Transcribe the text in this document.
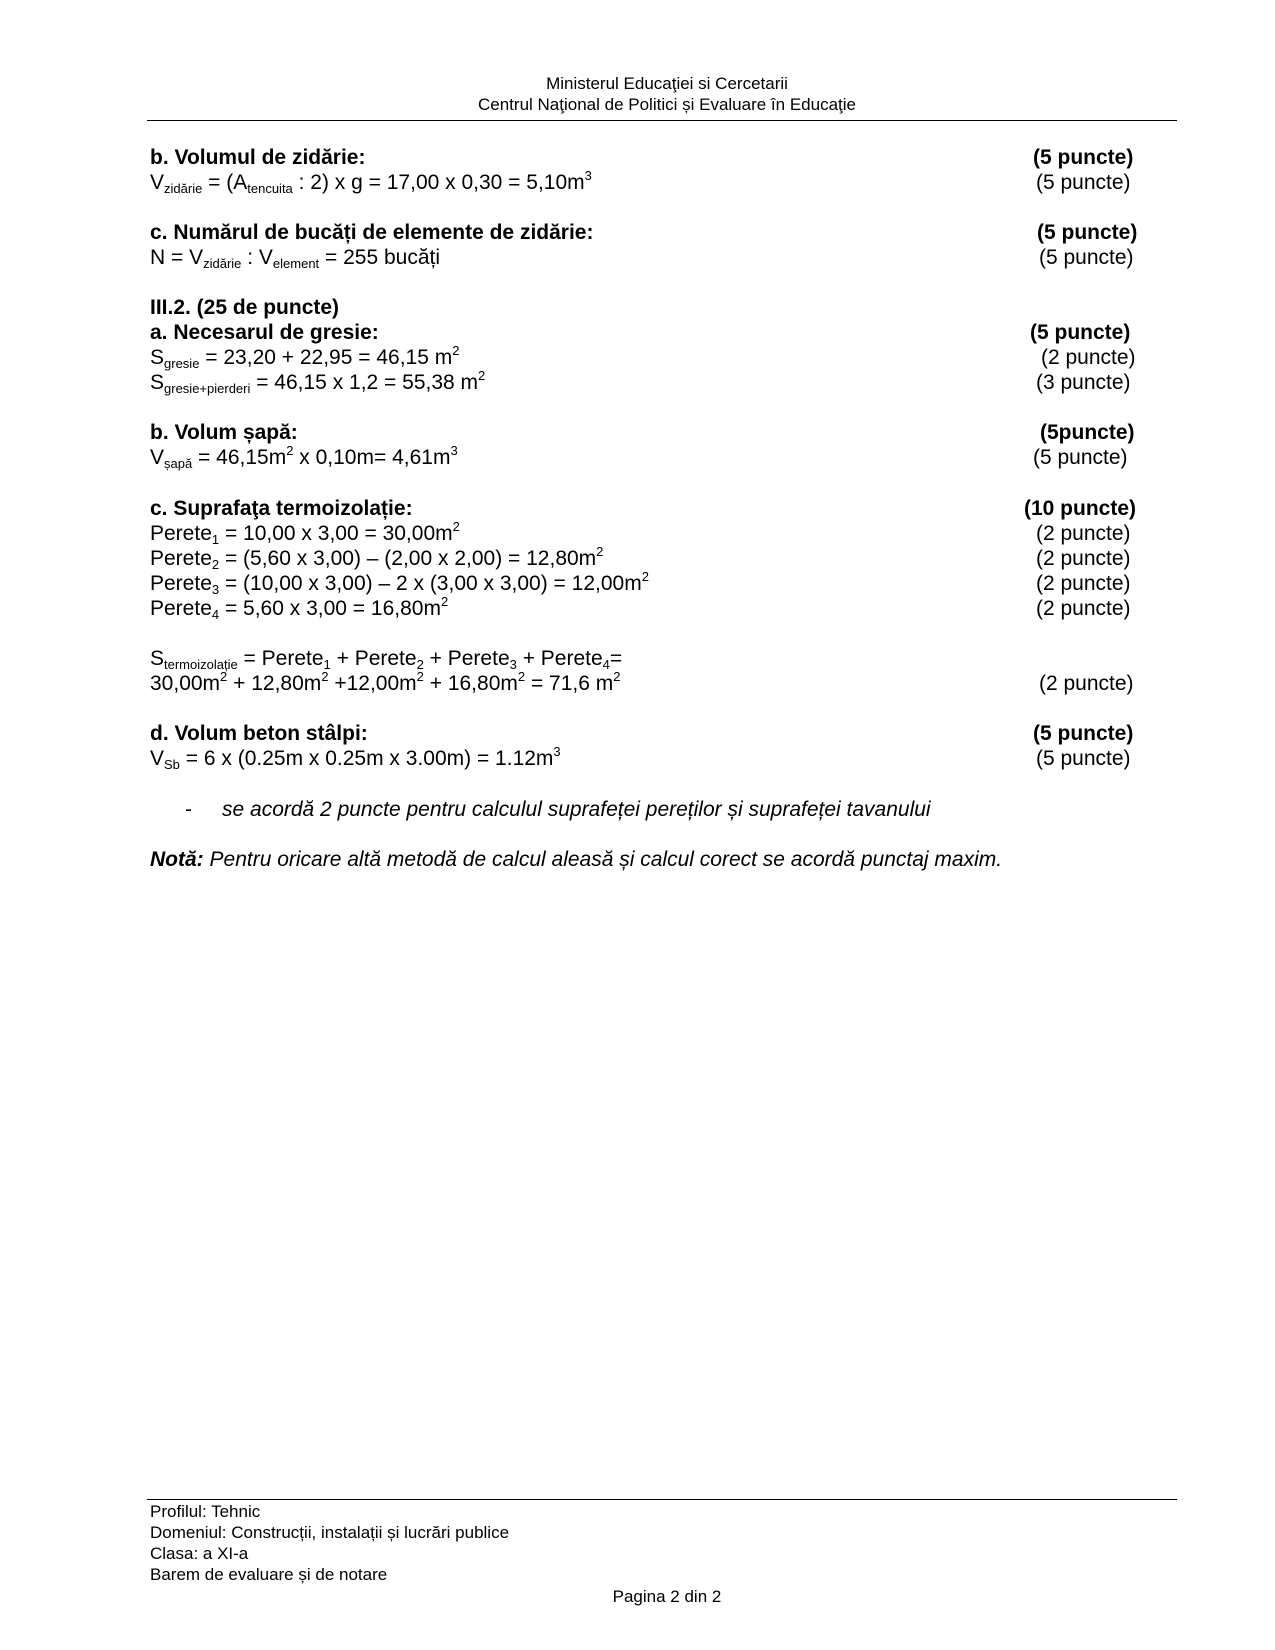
Ministerul Educaţiei si Cercetarii
Centrul Naţional de Politici și Evaluare în Educaţie
b. Volumul de zidărie:	(5 puncte)
$V_{zidărie} = (A_{tencuita}$ : 2) x g = 17,00 x $0,30 = 5,10m^3$	(5 puncte)
c. Numărul de bucăți de elemente de zidărie:	(5 puncte)
$N = V_{zidărie}$ : $V_{element} = 255$ bucăți	(5 puncte)
III.2. (25 de puncte)
a. Necesarul de gresie:	(5 puncte)
$S_{gresie} = 23,20 + 22,95 = 46,15$ $m^2$	(2 puncte)
$S_{gresie+pierderi} = 46,15$ x 1,2 = 55,38 $m^2$	(3 puncte)
b. Volum șapă:	(5puncte)
$V_{șapă} = 46,15m^2$ x $0,10m= 4,61m^3$	(5 puncte)
c. Suprafaţa termoizolație:	(10 puncte)
Perete$_1$ = 10,00 x $3,00 = 30,00m^2$	(2 puncte)
Perete$_2$ = (5,60 x 3,00) – (2,00 x $2,00) = 12,80m^2$	(2 puncte)
Perete$_3$ = (10,00 x 3,00) – 2 x (3,00 x $3,00) = 12,00m^2$	(2 puncte)
Perete$_4$ = 5,60 x $3,00 = 16,80m^2$	(2 puncte)
$S_{termoizolație}$ = Perete$_1$ + Perete$_2$ + Perete$_3$ + Perete$_4$=
$30,00m^2 + 12,80m^2 +12,00m^2 + 16,80m^2 = 71,6$ $m^2$	(2 puncte)
d. Volum beton stâlpi:	(5 puncte)
$V_{Sb} = 6$ x (0.25m x 0.25m x $3.00m) = 1.12m^3$	(5 puncte)
- se acordă 2 puncte pentru calculul suprafeței pereților și suprafeței tavanului
Notă: Pentru oricare altă metodă de calcul aleasă și calcul corect se acordă punctaj maxim.
Profilul: Tehnic
Domeniul: Construcții, instalații și lucrări publice
Clasa: a XI-a
Barem de evaluare și de notare
Pagina 2 din 2
